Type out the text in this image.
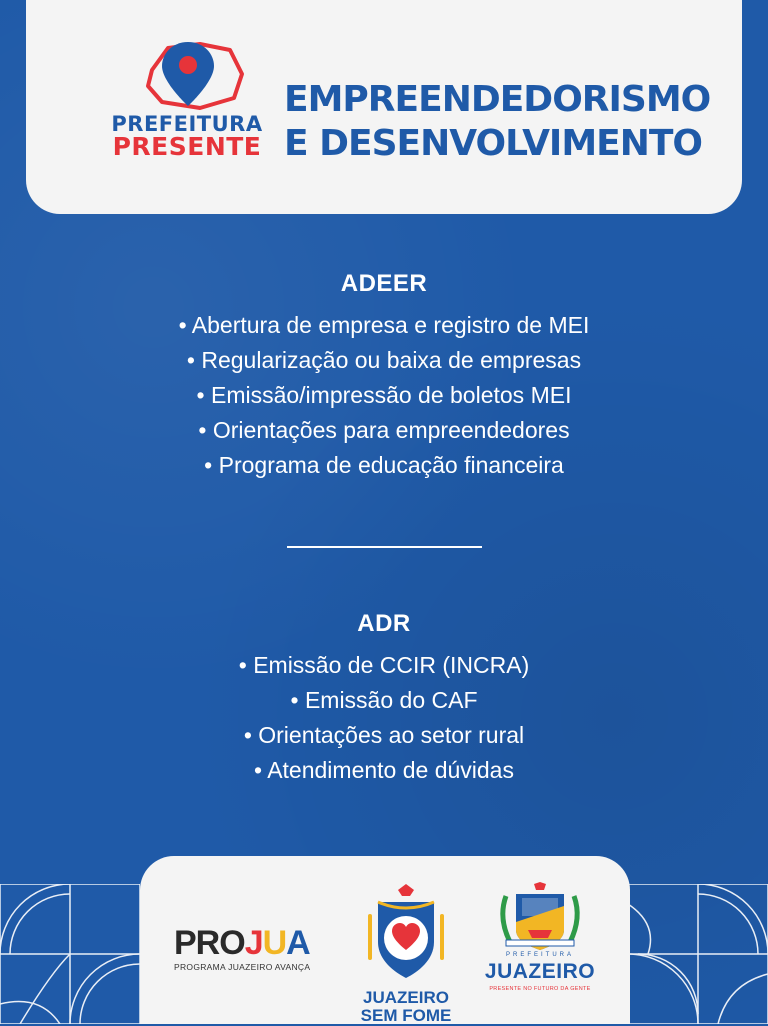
PREFEITURA
PRESENTE
EMPREENDEDORISMO
E DESENVOLVIMENTO
ADEER
• Abertura de empresa e registro de MEI
• Regularização ou baixa de empresas
• Emissão/impressão de boletos MEI
• Orientações para empreendedores
• Programa de educação financeira
ADR
• Emissão de CCIR (INCRA)
• Emissão do CAF
• Orientações ao setor rural
• Atendimento de dúvidas
PROJUA
PROGRAMA JUAZEIRO AVANÇA
JUAZEIRO
SEM FOME
PREFEITURA
JUAZEIRO
PRESENTE NO FUTURO DA GENTE
